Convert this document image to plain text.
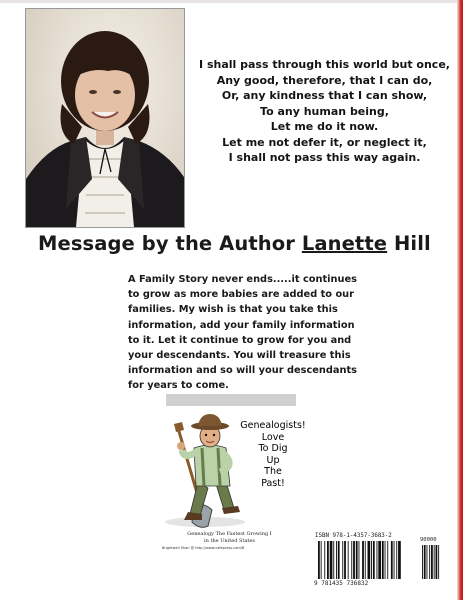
I shall pass through this world but once,
Any good, therefore, that I can do,
Or, any kindness that I can show,
To any human being,
Let me do it now.
Let me not defer it, or neglect it,
I shall not pass this way again.
Message by the Author Lanette Hill
A Family Story never ends.....it continues
to grow as more babies are added to our
families. My wish is that you take this
information, add your family information
to it. Let it continue to grow for you and
your descendants. You will treasure this
information and so will your descendants
for years to come.
Genealogists!
Love
To Dig
Up
The
Past!
Genealogy The Fastest Growing I
in the United States
Brightwell Shan @ http://www.cafepress.com/B
ISBN 978-1-4357-3683-2
90000
9 781435 736832
